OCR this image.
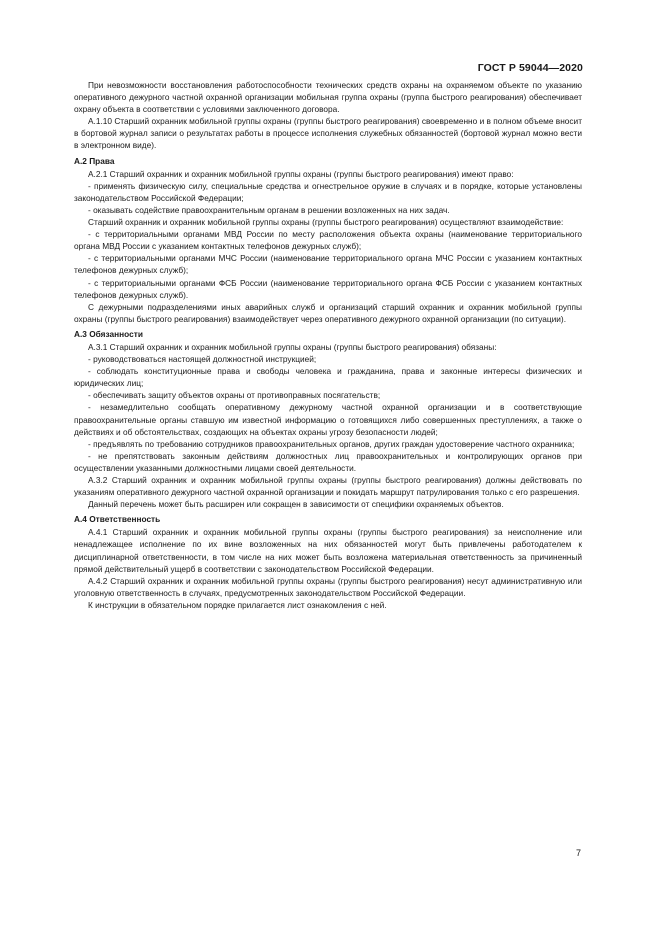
ГОСТ Р 59044—2020

При невозможности восстановления работоспособности технических средств охраны на охраняемом объекте по указанию оперативного дежурного частной охранной организации мобильная группа охраны (группа быстрого реагирования) обеспечивает охрану объекта в соответствии с условиями заключенного договора.

А.1.10 Старший охранник мобильной группы охраны (группы быстрого реагирования) своевременно и в полном объеме вносит в бортовой журнал записи о результатах работы в процессе исполнения служебных обязанностей (бортовой журнал можно вести в электронном виде).

А.2 Права

А.2.1 Старший охранник и охранник мобильной группы охраны (группы быстрого реагирования) имеют право:

- применять физическую силу, специальные средства и огнестрельное оружие в случаях и в порядке, которые установлены законодательством Российской Федерации;

- оказывать содействие правоохранительным органам в решении возложенных на них задач.

Старший охранник и охранник мобильной группы охраны (группы быстрого реагирования) осуществляют взаимодействие:

- с территориальными органами МВД России по месту расположения объекта охраны (наименование территориального органа МВД России с указанием контактных телефонов дежурных служб);

- с территориальными органами МЧС России (наименование территориального органа МЧС России с указанием контактных телефонов дежурных служб);

- с территориальными органами ФСБ России (наименование территориального органа ФСБ России с указанием контактных телефонов дежурных служб).

С дежурными подразделениями иных аварийных служб и организаций старший охранник и охранник мобильной группы охраны (группы быстрого реагирования) взаимодействует через оперативного дежурного охранной организации (по ситуации).

А.3 Обязанности

А.3.1 Старший охранник и охранник мобильной группы охраны (группы быстрого реагирования) обязаны:

- руководствоваться настоящей должностной инструкцией;

- соблюдать конституционные права и свободы человека и гражданина, права и законные интересы физических и юридических лиц;

- обеспечивать защиту объектов охраны от противоправных посягательств;

- незамедлительно сообщать оперативному дежурному частной охранной организации и в соответствующие правоохранительные органы ставшую им известной информацию о готовящихся либо совершенных преступлениях, а также о действиях и об обстоятельствах, создающих на объектах охраны угрозу безопасности людей;

- предъявлять по требованию сотрудников правоохранительных органов, других граждан удостоверение частного охранника;

- не препятствовать законным действиям должностных лиц правоохранительных и контролирующих органов при осуществлении указанными должностными лицами своей деятельности.

А.3.2 Старший охранник и охранник мобильной группы охраны (группы быстрого реагирования) должны действовать по указаниям оперативного дежурного частной охранной организации и покидать маршрут патрулирования только с его разрешения.

Данный перечень может быть расширен или сокращен в зависимости от специфики охраняемых объектов.

А.4 Ответственность

А.4.1 Старший охранник и охранник мобильной группы охраны (группы быстрого реагирования) за неисполнение или ненадлежащее исполнение по их вине возложенных на них обязанностей могут быть привлечены работодателем к дисциплинарной ответственности, в том числе на них может быть возложена материальная ответственность за причиненный прямой действительный ущерб в соответствии с законодательством Российской Федерации.

А.4.2 Старший охранник и охранник мобильной группы охраны (группы быстрого реагирования) несут административную или уголовную ответственность в случаях, предусмотренных законодательством Российской Федерации.

К инструкции в обязательном порядке прилагается лист ознакомления с ней.

7
